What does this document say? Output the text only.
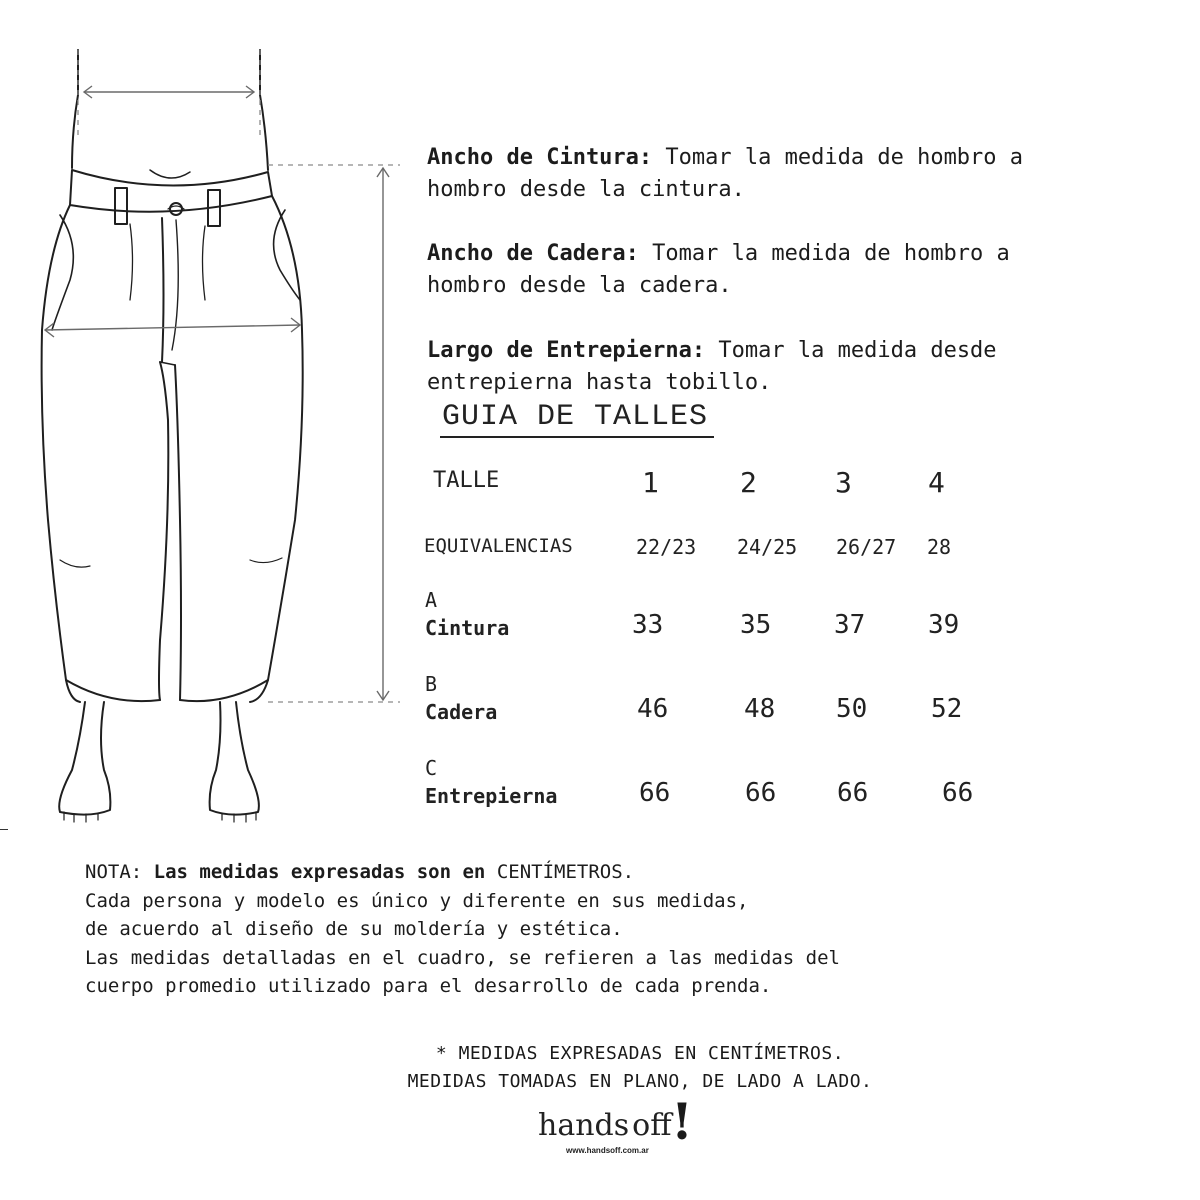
Ancho de Cintura: Tomar la medida de hombro a
hombro desde la cintura.
Ancho de Cadera: Tomar la medida de hombro a
hombro desde la cadera.
Largo de Entrepierna: Tomar la medida desde
entrepierna hasta tobillo.
GUIA DE TALLES
TALLE	1	2	3	4
EQUIVALENCIAS	22/23 24/25 26/27 28
A
Cintura	33	35 37 39
B
Cadera	46	48 50 52
C
Entrepierna	66	66 66	66
NOTA: Las medidas expresadas son en CENTÍMETROS.
Cada persona y modelo es único y diferente en sus medidas,
de acuerdo al diseño de su moldería y estética.
Las medidas detalladas en el cuadro, se refieren a las medidas del
cuerpo promedio utilizado para el desarrollo de cada prenda.
* MEDIDAS EXPRESADAS EN CENTÍMETROS.
MEDIDAS TOMADAS EN PLANO, DE LADO A LADO.
hands off !
www.handsoff.com.ar
